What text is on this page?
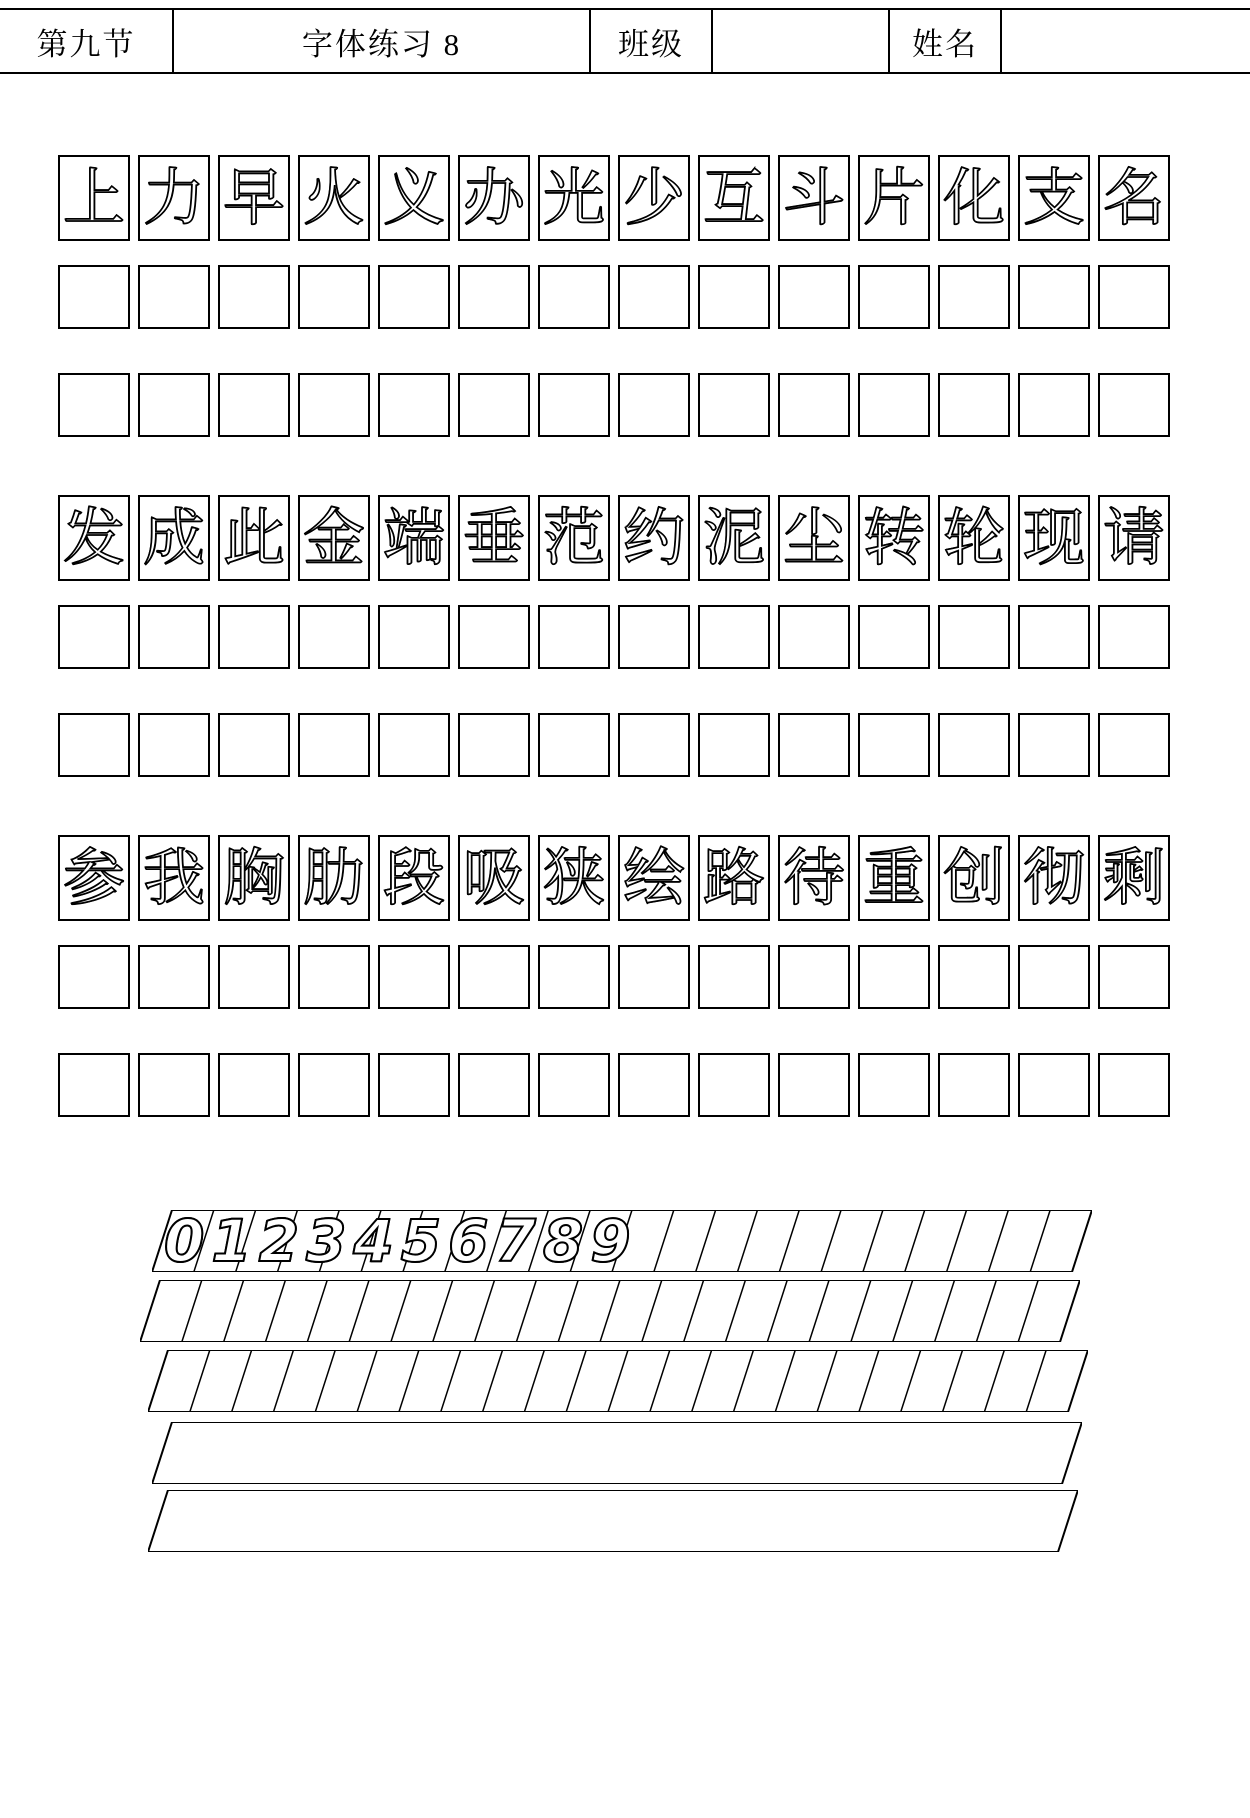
第九节	字体练习 8	班级		姓名	
上 力 早 火 义 办 光 少 互 斗 片 化 支 名
发 成 此 金 端 垂 范 约 泥 尘 转 轮 现 请
参 我 胸 肋 段 吸 狭 绘 路 待 重 创 彻 剩
0123456789
